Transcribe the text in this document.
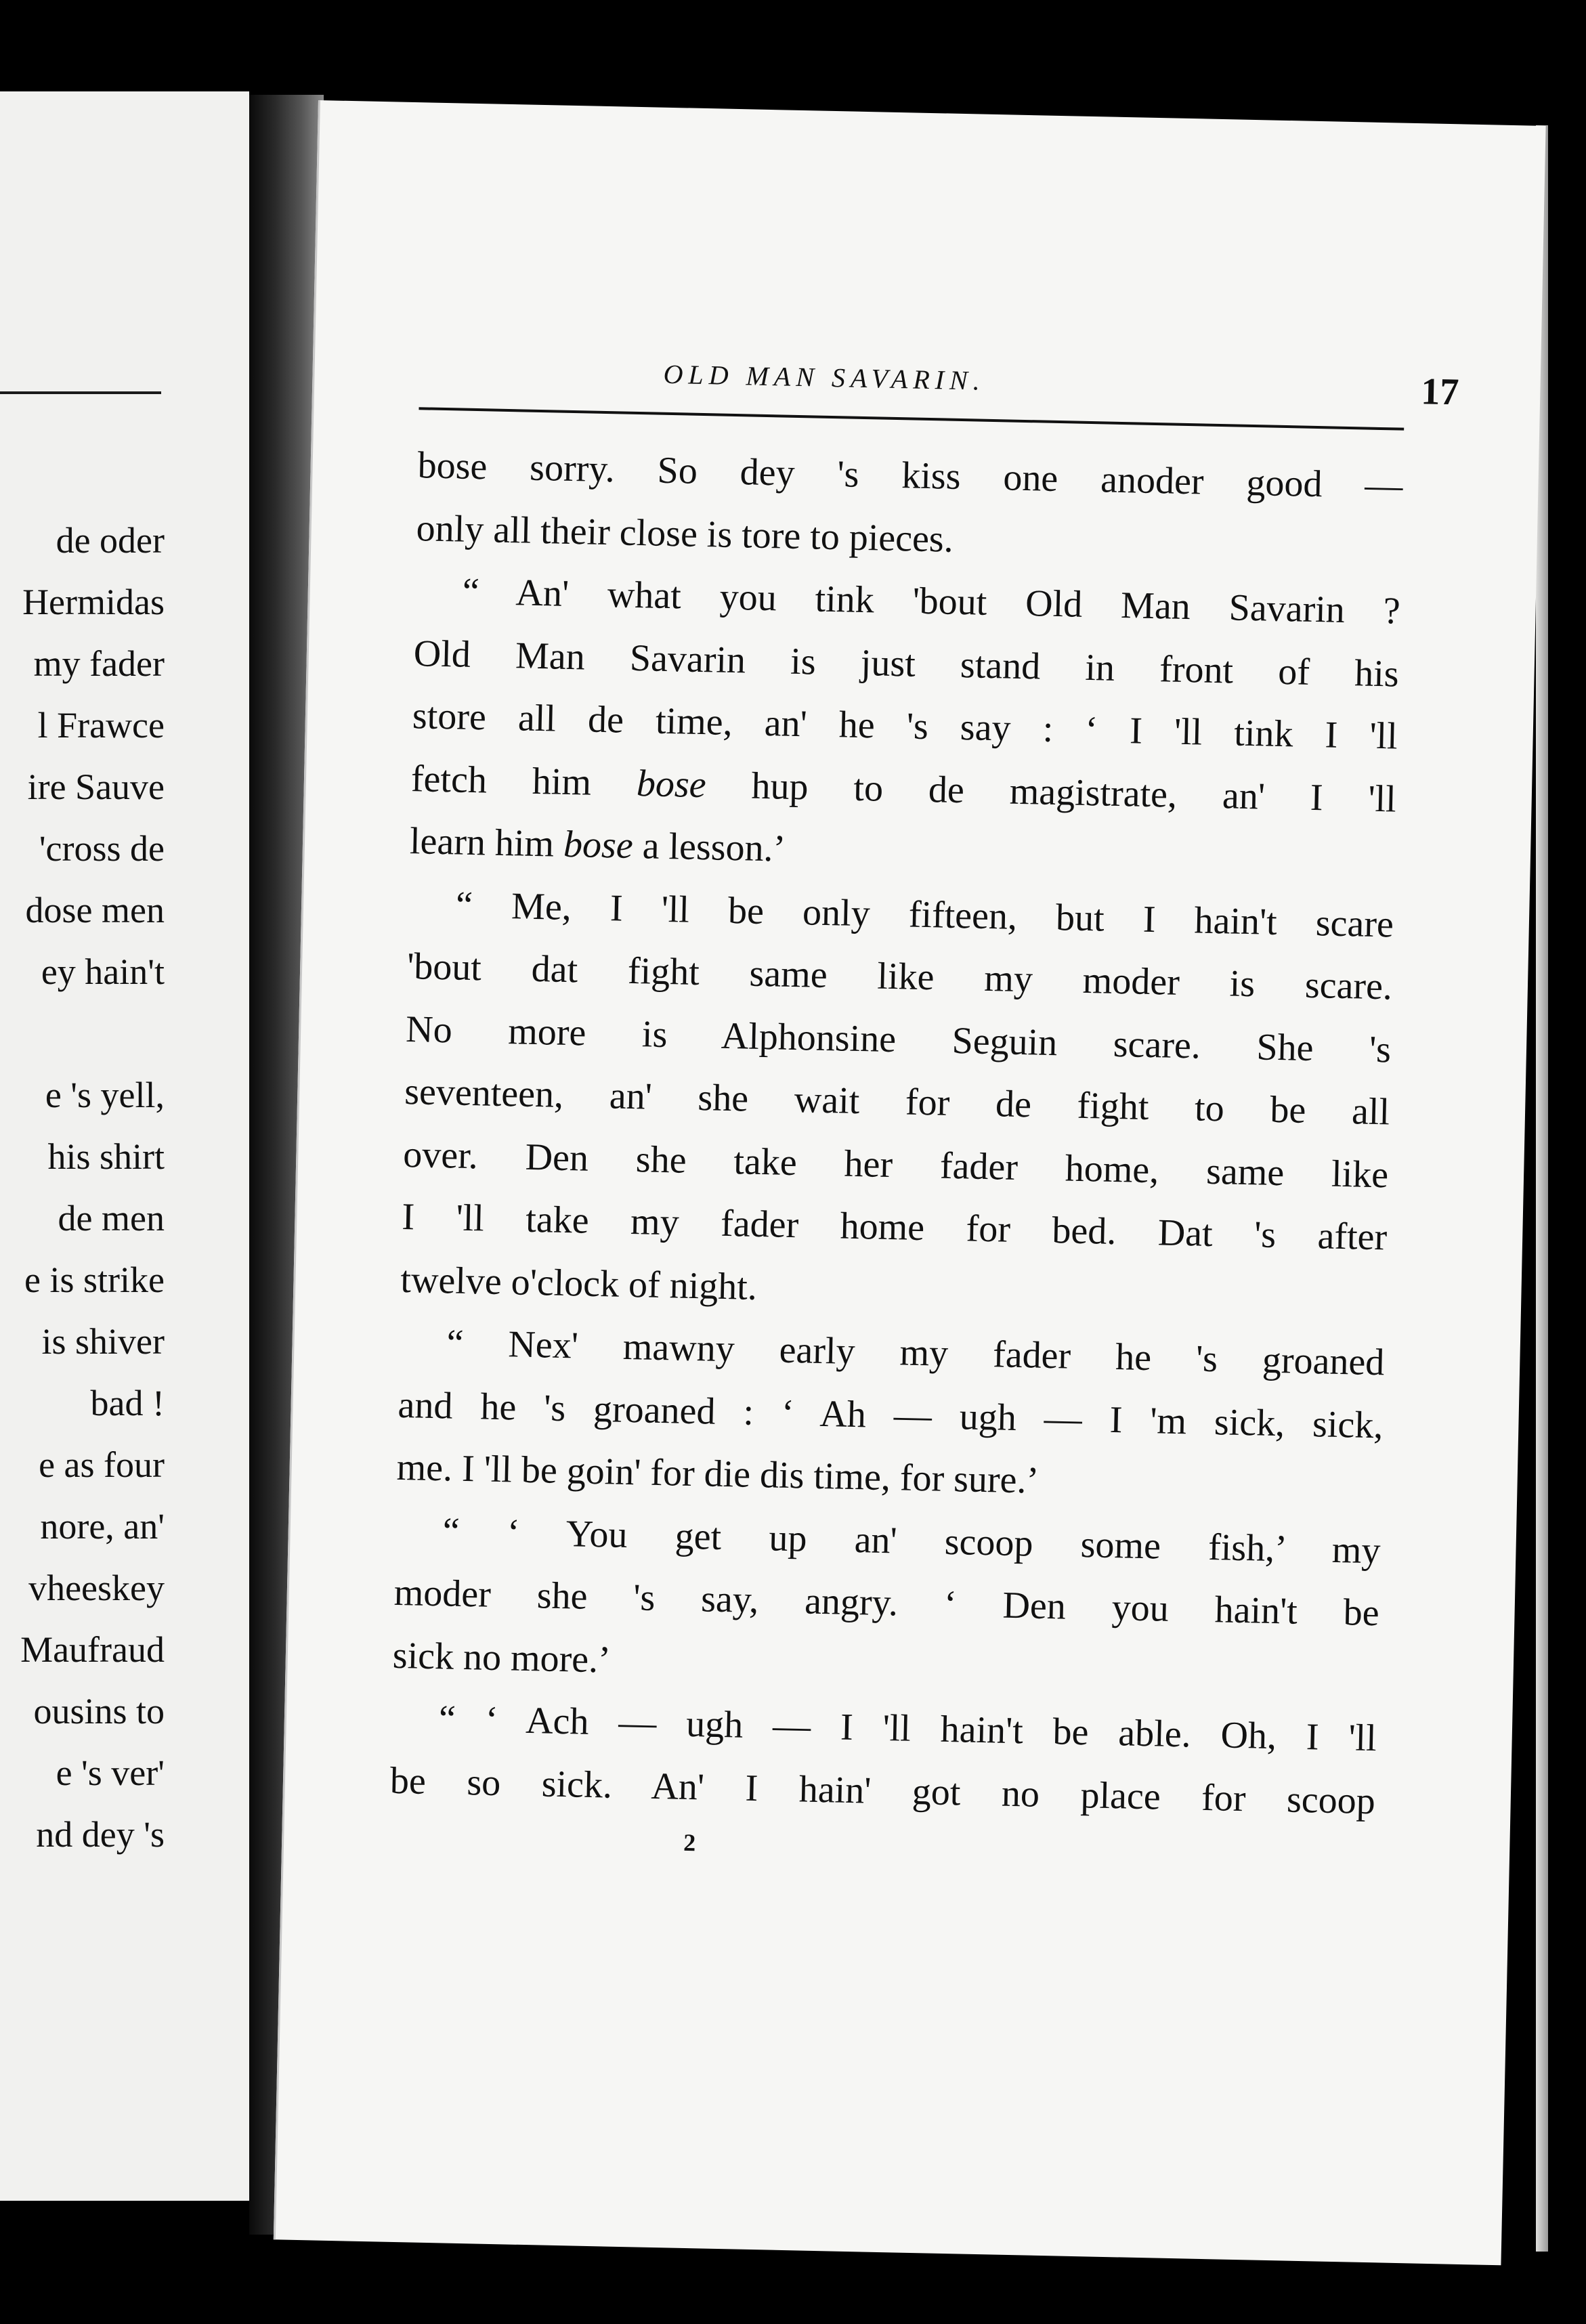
de oder
Hermidas
my fader
l Frawce
ire Sauve
'cross de
dose men
ey hain't
e 's yell,
his shirt
de men
e is strike
is shiver
bad !
e as four
nore, an'
vheeskey
Maufraud
ousins to
e 's ver'
nd dey 's
OLD MAN SAVARIN.	17
bose sorry. So dey 's kiss one anoder good —
only all their close is tore to pieces.
“ An' what you tink 'bout Old Man Savarin ?
Old Man Savarin is just stand in front of his
store all de time, an' he 's say : ‘ I 'll tink I 'll
fetch him bose hup to de magistrate, an' I 'll
learn him bose a lesson.’
“ Me, I 'll be only fifteen, but I hain't scare
'bout dat fight same like my moder is scare.
No more is Alphonsine Seguin scare. She 's
seventeen, an' she wait for de fight to be all
over. Den she take her fader home, same like
I 'll take my fader home for bed. Dat 's after
twelve o'clock of night.
“ Nex' mawny early my fader he 's groaned
and he 's groaned : ‘ Ah — ugh — I 'm sick, sick,
me. I 'll be goin' for die dis time, for sure.’
“ ‘ You get up an' scoop some fish,’ my
moder she 's say, angry. ‘ Den you hain't be
sick no more.’
“ ‘ Ach — ugh — I 'll hain't be able. Oh, I 'll
be so sick. An' I hain' got no place for scoop
2
